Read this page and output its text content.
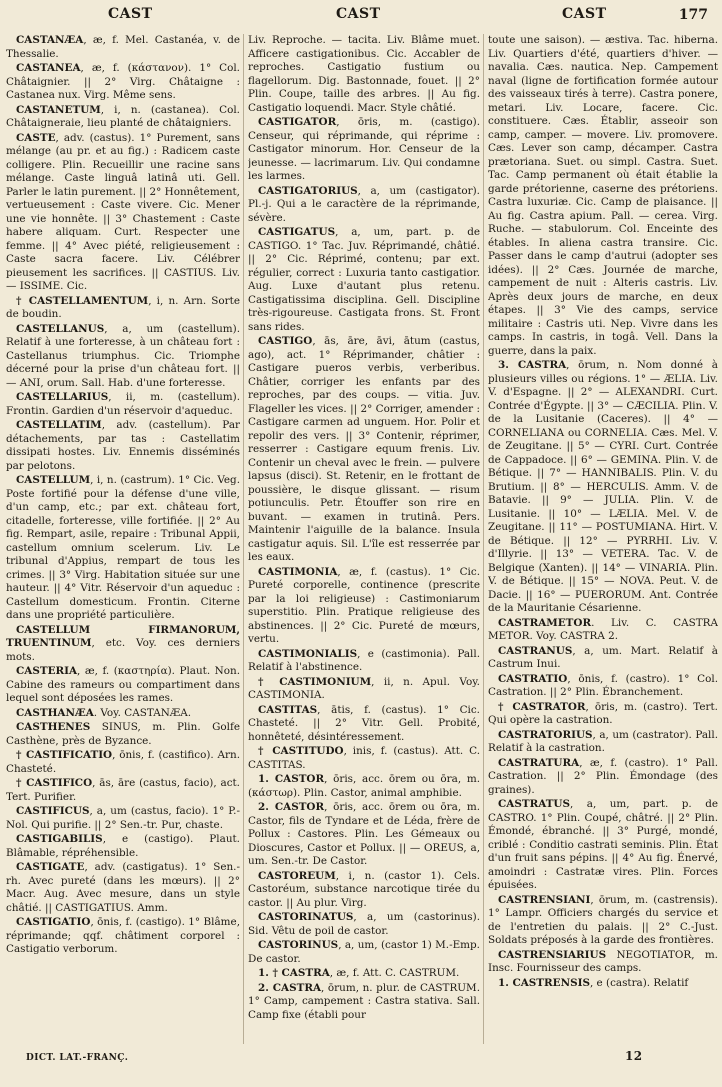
CAST	CAST	CAST	177

CASTANÆA, æ, f. Mel. Castanéa, v. de Thessalie.

CASTANEA, æ, f. (κάστανον). 1° Col. Châtaignier. || 2° Virg. Châtaigne : Castanea nux. Virg. Même sens.

CASTANETUM, i, n. (castanea). Col. Châtaigneraie, lieu planté de châtaigniers.

CASTE, adv. (castus). 1° Purement, sans mélange (au pr. et au fig.) : Radicem caste colligere. Plin. Recueillir une racine sans mélange. Caste linguâ latinâ uti. Gell. Parler le latin purement. || 2° Honnêtement, vertueusement : Caste vivere. Cic. Mener une vie honnête. || 3° Chastement : Caste habere aliquam. Curt. Respecter une femme. || 4° Avec piété, religieusement : Caste sacra facere. Liv. Célébrer pieusement les sacrifices. || CASTIUS. Liv. — ISSIME. Cic.

† CASTELLAMENTUM, i, n. Arn. Sorte de boudin.

CASTELLANUS, a, um (castellum). Relatif à une forteresse, à un château fort : Castellanus triumphus. Cic. Triomphe décerné pour la prise d'un château fort. || — ANI, orum. Sall. Hab. d'une forteresse.

CASTELLARIUS, ii, m. (castellum). Frontin. Gardien d'un réservoir d'aqueduc.

CASTELLATIM, adv. (castellum). Par détachements, par tas : Castellatim dissipati hostes. Liv. Ennemis disséminés par pelotons.

CASTELLUM, i, n. (castrum). 1° Cic. Veg. Poste fortifié pour la défense d'une ville, d'un camp, etc.; par ext. château fort, citadelle, forteresse, ville fortifiée. || 2° Au fig. Rempart, asile, repaire : Tribunal Appii, castellum omnium scelerum. Liv. Le tribunal d'Appius, rempart de tous les crimes. || 3° Virg. Habitation située sur une hauteur. || 4° Vitr. Réservoir d'un aqueduc : Castellum domesticum. Frontin. Citerne dans une propriété particulière.

CASTELLUM FIRMANORUM, TRUENTINUM, etc. Voy. ces derniers mots.

CASTERIA, æ, f. (καστηρία). Plaut. Non. Cabine des rameurs ou compartiment dans lequel sont déposées les rames.

CASTHANÆA. Voy. CASTANÆA.

CASTHENES SINUS, m. Plin. Golfe Casthène, près de Byzance.

† CASTIFICATIO, ōnis, f. (castifico). Arn. Chasteté.

† CASTIFICO, ās, āre (castus, facio), act. Tert. Purifier.

CASTIFICUS, a, um (castus, facio). 1° P.-Nol. Qui purifie. || 2° Sen.-tr. Pur, chaste.

CASTIGABILIS, e (castigo). Plaut. Blâmable, répréhensible.

CASTIGATE, adv. (castigatus). 1° Sen.-rh. Avec pureté (dans les mœurs). || 2° Macr. Aug. Avec mesure, dans un style châtié. || CASTIGATIUS. Amm.

CASTIGATIO, ōnis, f. (castigo). 1° Blâme, réprimande; qqf. châtiment corporel : Castigatio verborum.

Liv. Reproche. — tacita. Liv. Blâme muet. Afficere castigationibus. Cic. Accabler de reproches. Castigatio fustium ou flagellorum. Dig. Bastonnade, fouet. || 2° Plin. Coupe, taille des arbres. || Au fig. Castigatio loquendi. Macr. Style châtié.

CASTIGATOR, ōris, m. (castigo). Censeur, qui réprimande, qui réprime : Castigator minorum. Hor. Censeur de la jeunesse. — lacrimarum. Liv. Qui condamne les larmes.

CASTIGATORIUS, a, um (castigator). Pl.-j. Qui a le caractère de la réprimande, sévère.

CASTIGATUS, a, um, part. p. de CASTIGO. 1° Tac. Juv. Réprimandé, châtié. || 2° Cic. Réprimé, contenu; par ext. régulier, correct : Luxuria tanto castigatior. Aug. Luxe d'autant plus retenu. Castigatissima disciplina. Gell. Discipline très-rigoureuse. Castigata frons. St. Front sans rides.

CASTIGO, ās, āre, āvi, ātum (castus, ago), act. 1° Réprimander, châtier : Castigare pueros verbis, verberibus. Châtier, corriger les enfants par des reproches, par des coups. — vitia. Juv. Flageller les vices. || 2° Corriger, amender : Castigare carmen ad unguem. Hor. Polir et repolir des vers. || 3° Contenir, réprimer, resserrer : Castigare equum frenis. Liv. Contenir un cheval avec le frein. — pulvere lapsus (disci). St. Retenir, en le frottant de poussière, le disque glissant. — risum potiunculis. Petr. Étouffer son rire en buvant. — examen in trutinâ. Pers. Maintenir l'aiguille de la balance. Insula castigatur aquis. Sil. L'île est resserrée par les eaux.

CASTIMONIA, æ, f. (castus). 1° Cic. Pureté corporelle, continence (prescrite par la loi religieuse) : Castimoniarum superstitio. Plin. Pratique religieuse des abstinences. || 2° Cic. Pureté de mœurs, vertu.

CASTIMONIALIS, e (castimonia). Pall. Relatif à l'abstinence.

† CASTIMONIUM, ii, n. Apul. Voy. CASTIMONIA.

CASTITAS, ātis, f. (castus). 1° Cic. Chasteté. || 2° Vitr. Gell. Probité, honnêteté, désintéressement.

† CASTITUDO, inis, f. (castus). Att. C. CASTITAS.

1. CASTOR, ōris, acc. ōrem ou ōra, m. (κάστωρ). Plin. Castor, animal amphibie.

2. CASTOR, ōris, acc. ōrem ou ōra, m. Castor, fils de Tyndare et de Léda, frère de Pollux : Castores. Plin. Les Gémeaux ou Dioscures, Castor et Pollux. || — OREUS, a, um. Sen.-tr. De Castor.

CASTOREUM, i, n. (castor 1). Cels. Castoréum, substance narcotique tirée du castor. || Au plur. Virg.

CASTORINATUS, a, um (castorinus). Sid. Vêtu de poil de castor.

CASTORINUS, a, um, (castor 1) M.-Emp. De castor.

1. † CASTRA, æ, f. Att. C. CASTRUM.

2. CASTRA, ōrum, n. plur. de CASTRUM. 1° Camp, campement : Castra stativa. Sall. Camp fixe (établi pour

toute une saison). — æstiva. Tac. hiberna. Liv. Quartiers d'été, quartiers d'hiver. — navalia. Cæs. nautica. Nep. Campement naval (ligne de fortification formée autour des vaisseaux tirés à terre). Castra ponere, metari. Liv. Locare, facere. Cic. constituere. Cæs. Établir, asseoir son camp, camper. — movere. Liv. promovere. Cæs. Lever son camp, décamper. Castra prætoriana. Suet. ou simpl. Castra. Suet. Tac. Camp permanent où était établie la garde prétorienne, caserne des prétoriens. Castra luxuriæ. Cic. Camp de plaisance. || Au fig. Castra apium. Pall. — cerea. Virg. Ruche. — stabulorum. Col. Enceinte des étables. In aliena castra transire. Cic. Passer dans le camp d'autrui (adopter ses idées). || 2° Cæs. Journée de marche, campement de nuit : Alteris castris. Liv. Après deux jours de marche, en deux étapes. || 3° Vie des camps, service militaire : Castris uti. Nep. Vivre dans les camps. In castris, in togâ. Vell. Dans la guerre, dans la paix.

3. CASTRA, ōrum, n. Nom donné à plusieurs villes ou régions. 1° — ÆLIA. Liv. V. d'Espagne. || 2° — ALEXANDRI. Curt. Contrée d'Égypte. || 3° — CÆCILIA. Plin. V. de la Lusitanie (Caceres). || 4° — CORNELIANA ou CORNELIA. Cæs. Mel. V. de Zeugitane. || 5° — CYRI. Curt. Contrée de Cappadoce. || 6° — GEMINA. Plin. V. de Bétique. || 7° — HANNIBALIS. Plin. V. du Brutium. || 8° — HERCULIS. Amm. V. de Batavie. || 9° — JULIA. Plin. V. de Lusitanie. || 10° — LÆLIA. Mel. V. de Zeugitane. || 11° — POSTUMIANA. Hirt. V. de Bétique. || 12° — PYRRHI. Liv. V. d'Illyrie. || 13° — VETERA. Tac. V. de Belgique (Xanten). || 14° — VINARIA. Plin. V. de Bétique. || 15° — NOVA. Peut. V. de Dacie. || 16° — PUERORUM. Ant. Contrée de la Mauritanie Césarienne.

CASTRAMETOR. Liv. C. CASTRA METOR. Voy. CASTRA 2.

CASTRANUS, a, um. Mart. Relatif à Castrum Inui.

CASTRATIO, ōnis, f. (castro). 1° Col. Castration. || 2° Plin. Ébranchement.

† CASTRATOR, ōris, m. (castro). Tert. Qui opère la castration.

CASTRATORIUS, a, um (castrator). Pall. Relatif à la castration.

CASTRATURA, æ, f. (castro). 1° Pall. Castration. || 2° Plin. Émondage (des graines).

CASTRATUS, a, um, part. p. de CASTRO. 1° Plin. Coupé, châtré. || 2° Plin. Émondé, ébranché. || 3° Purgé, mondé, criblé : Conditio castrati seminis. Plin. État d'un fruit sans pépins. || 4° Au fig. Énervé, amoindri : Castratæ vires. Plin. Forces épuisées.

CASTRENSIANI, ōrum, m. (castrensis). 1° Lampr. Officiers chargés du service et de l'entretien du palais. || 2° C.-Just. Soldats préposés à la garde des frontières.

CASTRENSIARIUS NEGOTIATOR, m. Insc. Fournisseur des camps.

1. CASTRENSIS, e (castra). Relatif

DICT. LAT.-FRANÇ.	12
